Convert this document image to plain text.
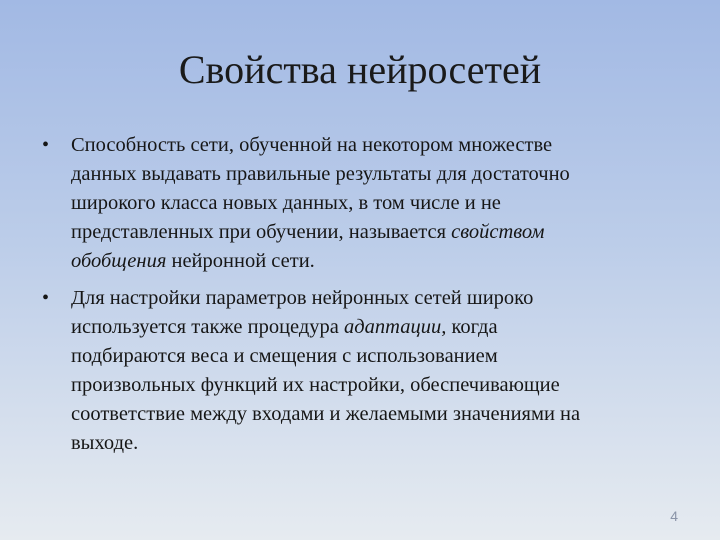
Свойства нейросетей
• Способность сети, обученной на некотором множестве
данных выдавать правильные результаты для достаточно
широкого класса новых данных, в том числе и не
представленных при обучении, называется свойством
обобщения нейронной сети.
• Для настройки параметров нейронных сетей широко
используется также процедура адаптации, когда
подбираются веса и смещения с использованием
произвольных функций их настройки, обеспечивающие
соответствие между входами и желаемыми значениями на
выходе.
4
